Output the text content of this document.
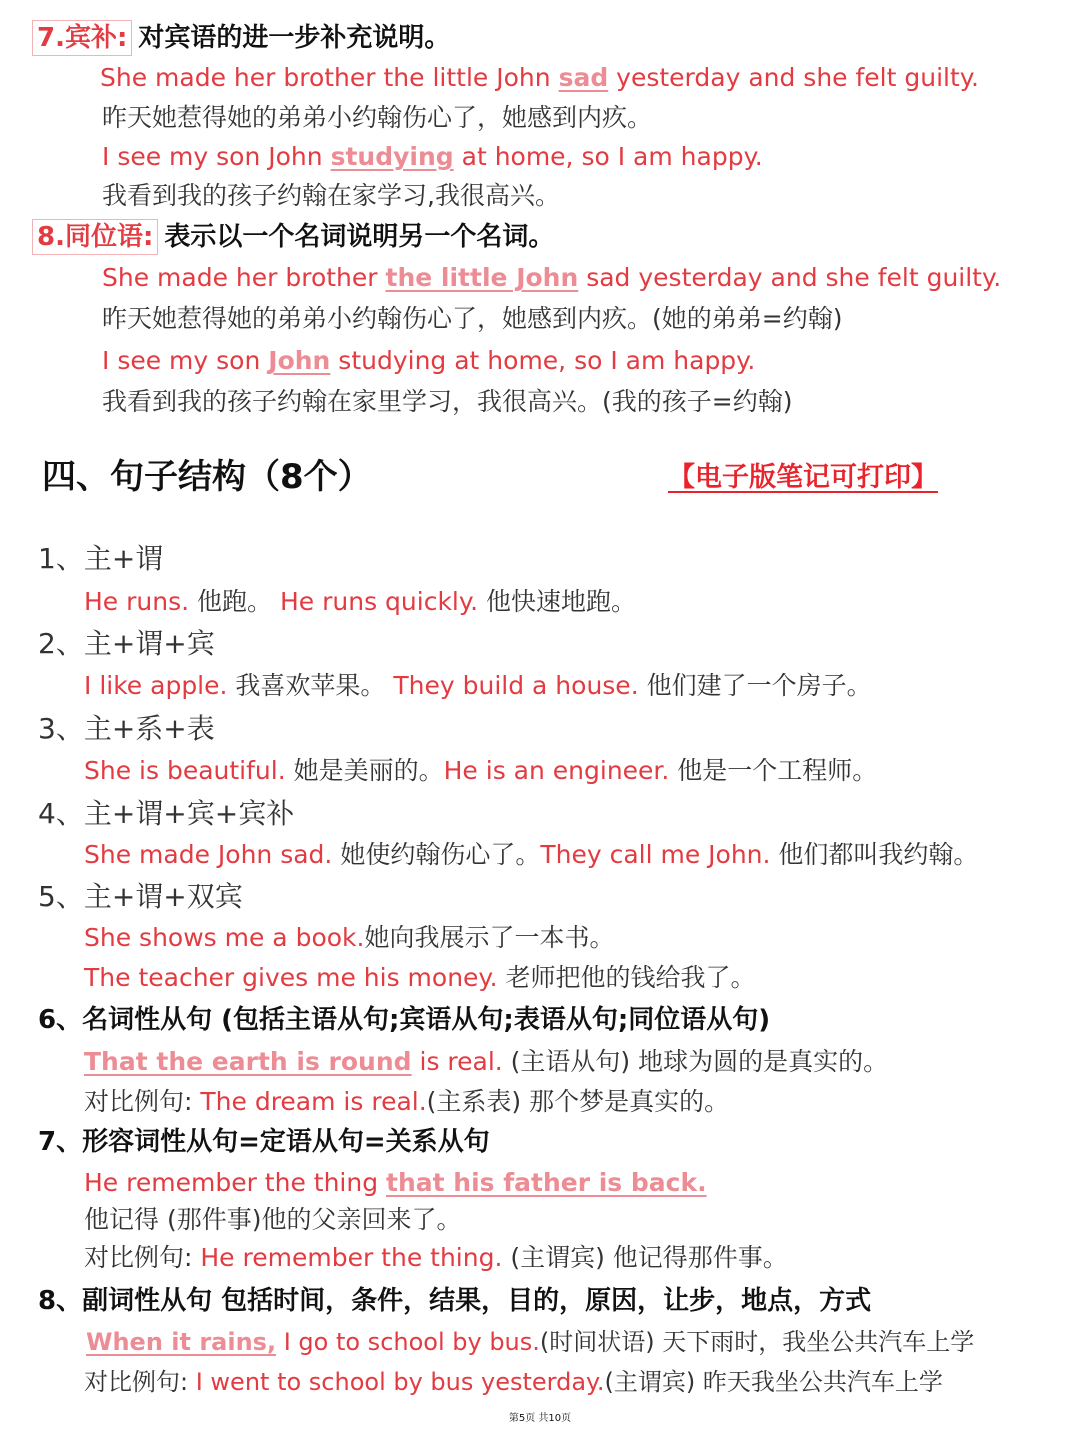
7.宾补: 对宾语的进一步补充说明。
She made her brother the little John sad yesterday and she felt guilty.
昨天她惹得她的弟弟小约翰伤心了，她感到内疚。
I see my son John studying at home, so I am happy.
我看到我的孩子约翰在家学习,我很高兴。
8.同位语: 表示以一个名词说明另一个名词。
She made her brother the little John sad yesterday and she felt guilty.
昨天她惹得她的弟弟小约翰伤心了，她感到内疚。(她的弟弟=约翰)
I see my son John studying at home, so I am happy.
我看到我的孩子约翰在家里学习，我很高兴。(我的孩子=约翰)
四、句子结构（8个）	【电子版笔记可打印】
1、主+谓
He runs. 他跑。 He runs quickly. 他快速地跑。
2、主+谓+宾
I like apple. 我喜欢苹果。 They build a house. 他们建了一个房子。
3、主+系+表
She is beautiful. 她是美丽的。He is an engineer. 他是一个工程师。
4、主+谓+宾+宾补
She made John sad. 她使约翰伤心了。They call me John. 他们都叫我约翰。
5、主+谓+双宾
She shows me a book.她向我展示了一本书。
The teacher gives me his money. 老师把他的钱给我了。
6、名词性从句 (包括主语从句;宾语从句;表语从句;同位语从句)
That the earth is round is real. (主语从句) 地球为圆的是真实的。
对比例句: The dream is real.(主系表) 那个梦是真实的。
7、形容词性从句=定语从句=关系从句
He remember the thing that his father is back.
他记得 (那件事)他的父亲回来了。
对比例句: He remember the thing. (主谓宾) 他记得那件事。
8、副词性从句 包括时间，条件，结果，目的，原因，让步，地点，方式
When it rains, I go to school by bus.(时间状语) 天下雨时，我坐公共汽车上学
对比例句: I went to school by bus yesterday.(主谓宾) 昨天我坐公共汽车上学
第5页 共10页
